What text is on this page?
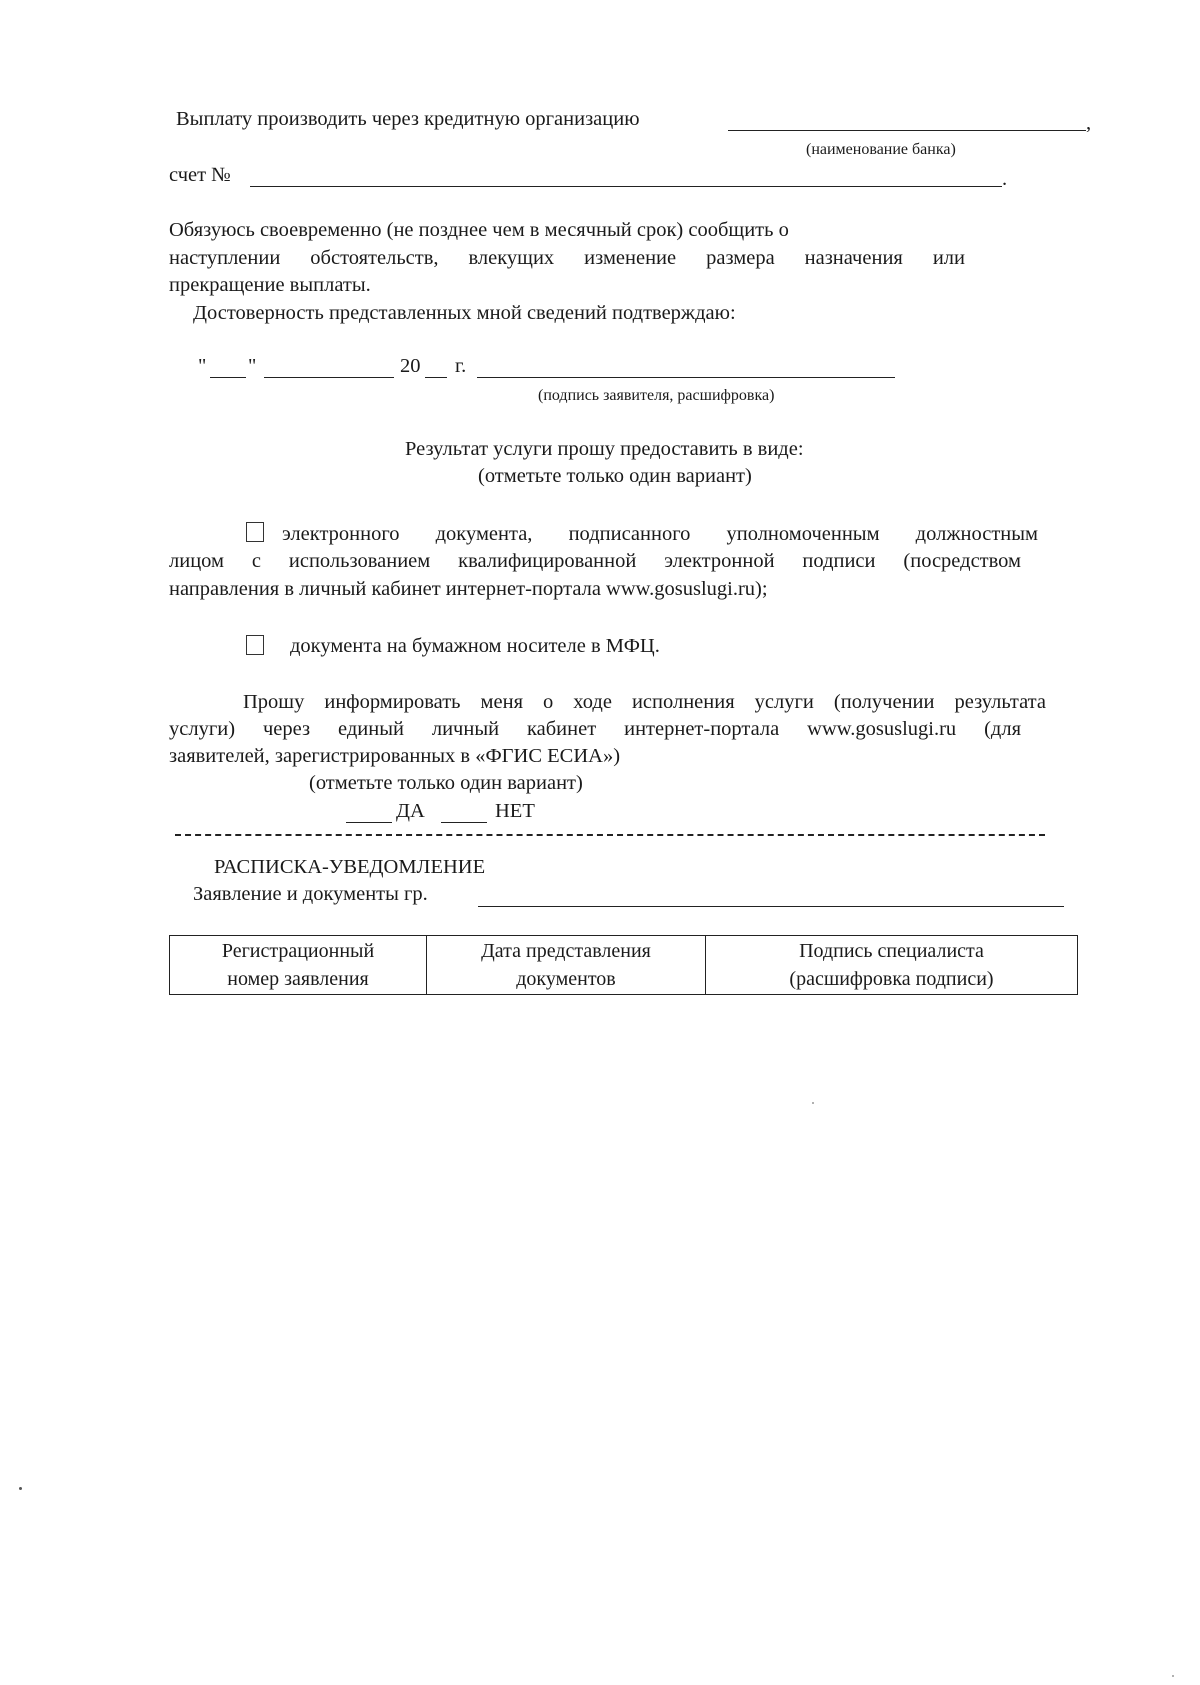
Выплату производить через кредитную организацию	,
(наименование банка)
счет №	.
Обязуюсь своевременно (не позднее чем в месячный срок) сообщить о
наступлении обстоятельств, влекущих изменение размера назначения или
прекращение выплаты.
Достоверность представленных мной сведений подтверждаю:
" "	20 г.
(подпись заявителя, расшифровка)
Результат услуги прошу предоставить в виде:
(отметьте только один вариант)
электронного документа, подписанного уполномоченным должностным
лицом с использованием квалифицированной электронной подписи (посредством
направления в личный кабинет интернет-портала www.gosuslugi.ru);
документа на бумажном носителе в МФЦ.
Прошу информировать меня о ходе исполнения услуги (получении результата
услуги) через единый личный кабинет интернет-портала www.gosuslugi.ru (для
заявителей, зарегистрированных в «ФГИС ЕСИА»)
(отметьте только один вариант)
ДА	НЕТ
РАСПИСКА-УВЕДОМЛЕНИЕ
Заявление и документы гр.
Регистрационный
номер заявления

Дата представления
документов

Подпись специалиста
(расшифровка подписи)
